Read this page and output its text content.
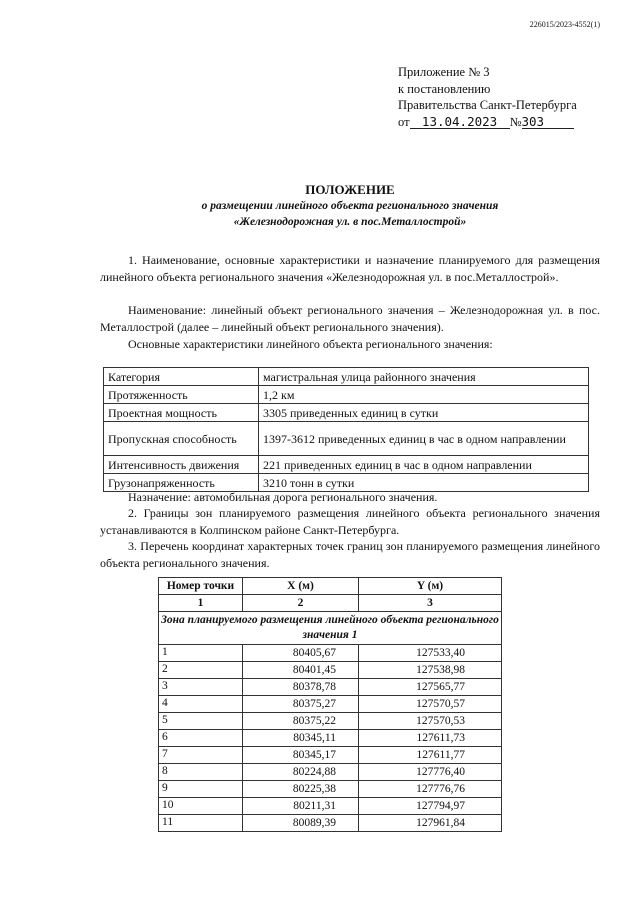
226015/2023-4552(1)
Приложение № 3
к постановлению
Правительства Санкт-Петербурга
от 13.04.2023 №303
ПОЛОЖЕНИЕ
о размещении линейного объекта регионального значения
«Железнодорожная ул. в пос.Металлострой»
1. Наименование, основные характеристики и назначение планируемого для размещения линейного объекта регионального значения «Железнодорожная ул. в пос.Металлострой».
Наименование: линейный объект регионального значения – Железнодорожная ул. в пос. Металлострой (далее – линейный объект регионального значения).
Основные характеристики линейного объекта регионального значения:
Категория	магистральная улица районного значения
Протяженность	1,2 км
Проектная мощность	3305 приведенных единиц в сутки
Пропускная способность	1397-3612 приведенных единиц в час в одном направлении
Интенсивность движения	221 приведенных единиц в час в одном направлении
Грузонапряженность	3210 тонн в сутки
Назначение: автомобильная дорога регионального значения.
2. Границы зон планируемого размещения линейного объекта регионального значения устанавливаются в Колпинском районе Санкт-Петербурга.
3. Перечень координат характерных точек границ зон планируемого размещения линейного объекта регионального значения.
Номер точки	X (м)	Y (м)
1	2	3
Зона планируемого размещения линейного объекта регионального значения 1		
1	80405,67	127533,40
2	80401,45	127538,98
3	80378,78	127565,77
4	80375,27	127570,57
5	80375,22	127570,53
6	80345,11	127611,73
7	80345,17	127611,77
8	80224,88	127776,40
9	80225,38	127776,76
10	80211,31	127794,97
11	80089,39	127961,84
